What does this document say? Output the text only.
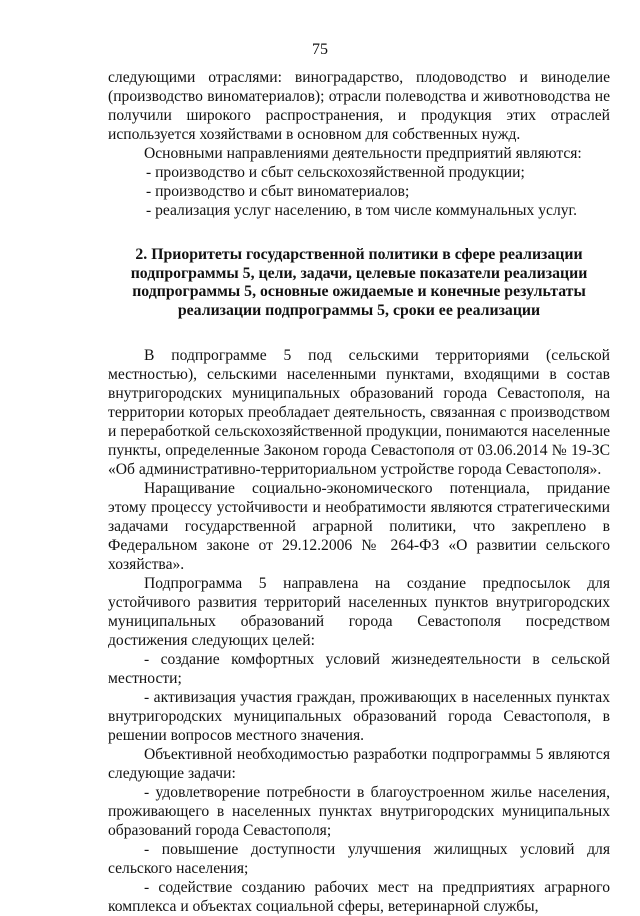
75

следующими отраслями: виноградарство, плодоводство и виноделие (производство виноматериалов); отрасли полеводства и животноводства не получили широкого распространения, и продукция этих отраслей используется хозяйствами в основном для собственных нужд.

Основными направлениями деятельности предприятий являются:

- производство и сбыт сельскохозяйственной продукции;

- производство и сбыт виноматериалов;

- реализация услуг населению, в том числе коммунальных услуг.

2. Приоритеты государственной политики в сфере реализации подпрограммы 5, цели, задачи, целевые показатели реализации подпрограммы 5, основные ожидаемые и конечные результаты реализации подпрограммы 5, сроки ее реализации

В подпрограмме 5 под сельскими территориями (сельской местностью), сельскими населенными пунктами, входящими в состав внутригородских муниципальных образований города Севастополя, на территории которых преобладает деятельность, связанная с производством и переработкой сельскохозяйственной продукции, понимаются населенные пункты, определенные Законом города Севастополя от 03.06.2014 № 19-ЗС «Об административно-территориальном устройстве города Севастополя».

Наращивание социально-экономического потенциала, придание этому процессу устойчивости и необратимости являются стратегическими задачами государственной аграрной политики, что закреплено в Федеральном законе от 29.12.2006 № 264-ФЗ «О развитии сельского хозяйства».

Подпрограмма 5 направлена на создание предпосылок для устойчивого развития территорий населенных пунктов внутригородских муниципальных образований города Севастополя посредством достижения следующих целей:

- создание комфортных условий жизнедеятельности в сельской местности;

- активизация участия граждан, проживающих в населенных пунктах внутригородских муниципальных образований города Севастополя, в решении вопросов местного значения.

Объективной необходимостью разработки подпрограммы 5 являются следующие задачи:

- удовлетворение потребности в благоустроенном жилье населения, проживающего в населенных пунктах внутригородских муниципальных образований города Севастополя;

- повышение доступности улучшения жилищных условий для сельского населения;

- содействие созданию рабочих мест на предприятиях аграрного комплекса и объектах социальной сферы, ветеринарной службы,
